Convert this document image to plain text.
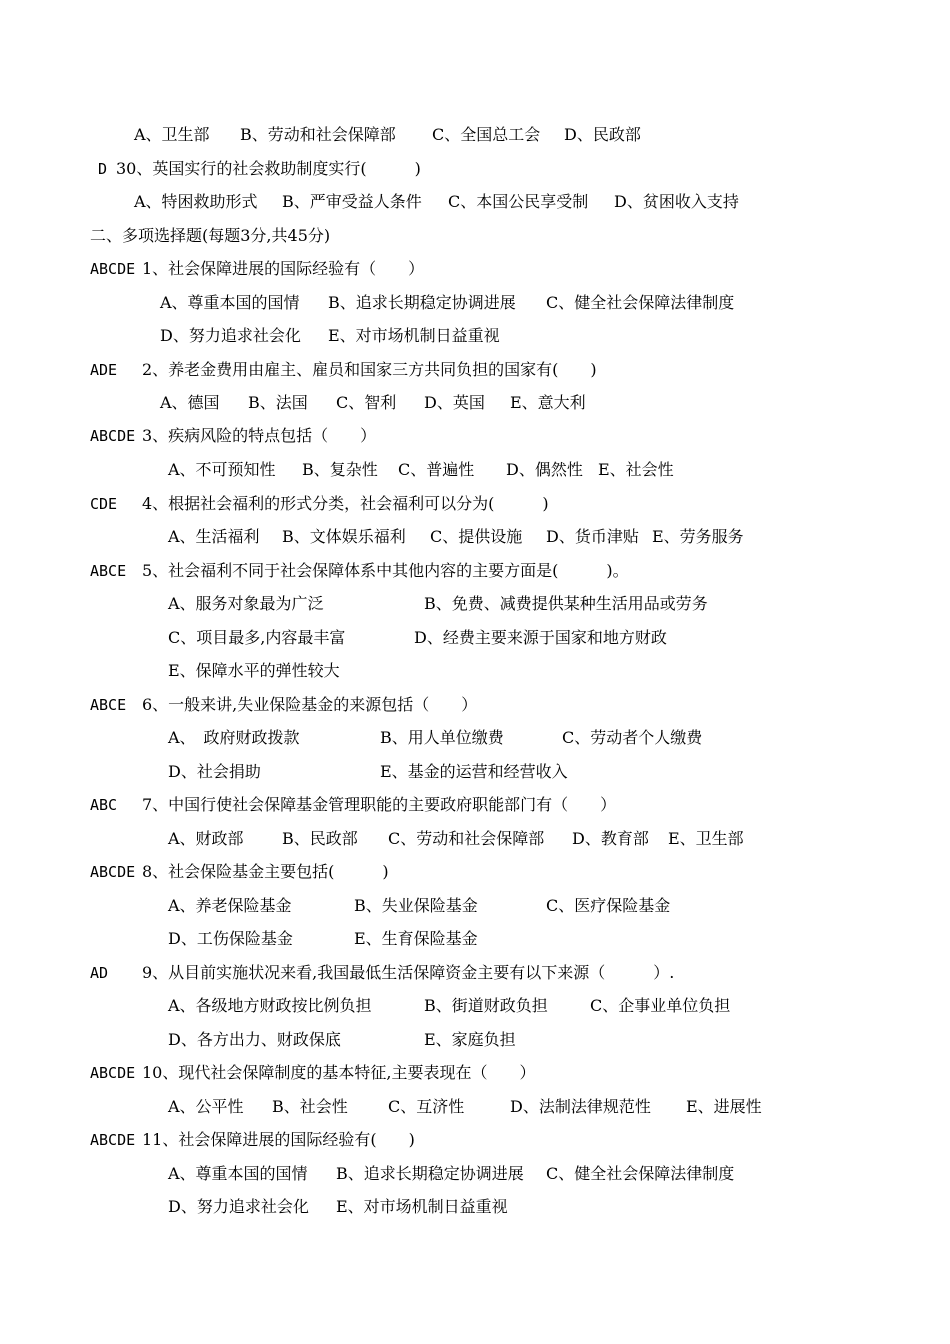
A、卫生部

B、劳动和社会保障部

C、全国总工会

D、民政部

D

30、英国实行的社会救助制度实行(　　　)

A、特困救助形式

B、严审受益人条件

C、本国公民享受制

D、贫困收入支持

二、多项选择题(每题3分,共45分)

ABCDE

1、社会保障进展的国际经验有（　　）

A、尊重本国的国情

B、追求长期稳定协调进展

C、健全社会保障法律制度

D、努力追求社会化

E、对市场机制日益重视

ADE

2、养老金费用由雇主、雇员和国家三方共同负担的国家有(　　)

A、德国

B、法国

C、智利

D、英国

E、意大利

ABCDE

3、疾病风险的特点包括（　　）

A、不可预知性

B、复杂性

C、普遍性

D、偶然性

E、社会性

CDE

4、根据社会福利的形式分类，社会福利可以分为(　　　)

A、生活福利

B、文体娱乐福利

C、提供设施

D、货币津贴

E、劳务服务

ABCE

5、社会福利不同于社会保障体系中其他内容的主要方面是(　　　)。

A、服务对象最为广泛

	B、免费、减费提供某种生活用品或劳务

C、项目最多,内容最丰富

	D、经费主要来源于国家和地方财政

E、保障水平的弹性较大

ABCE

6、一般来讲,失业保险基金的来源包括（　　）

A、　政府财政拨款

	B、用人单位缴费

	C、劳动者个人缴费

D、社会捐助

	E、基金的运营和经营收入

ABC

7、中国行使社会保障基金管理职能的主要政府职能部门有（　　）

A、财政部

B、民政部

C、劳动和社会保障部

D、教育部

E、卫生部

ABCDE

8、社会保险基金主要包括(　　　)

A、养老保险基金

	B、失业保险基金

	C、医疗保险基金

D、工伤保险基金

	E、生育保险基金

AD

9、从目前实施状况来看,我国最低生活保障资金主要有以下来源（　　　）.

A、各级地方财政按比例负担

	B、街道财政负担

	C、企事业单位负担

D、各方出力、财政保底

	E、家庭负担

ABCDE

10、现代社会保障制度的基本特征,主要表现在（　　）

A、公平性

B、社会性

	C、互济性

	D、法制法律规范性

E、进展性

ABCDE

11、社会保障进展的国际经验有(　　)

A、尊重本国的国情

B、追求长期稳定协调进展

C、健全社会保障法律制度

D、努力追求社会化

E、对市场机制日益重视
